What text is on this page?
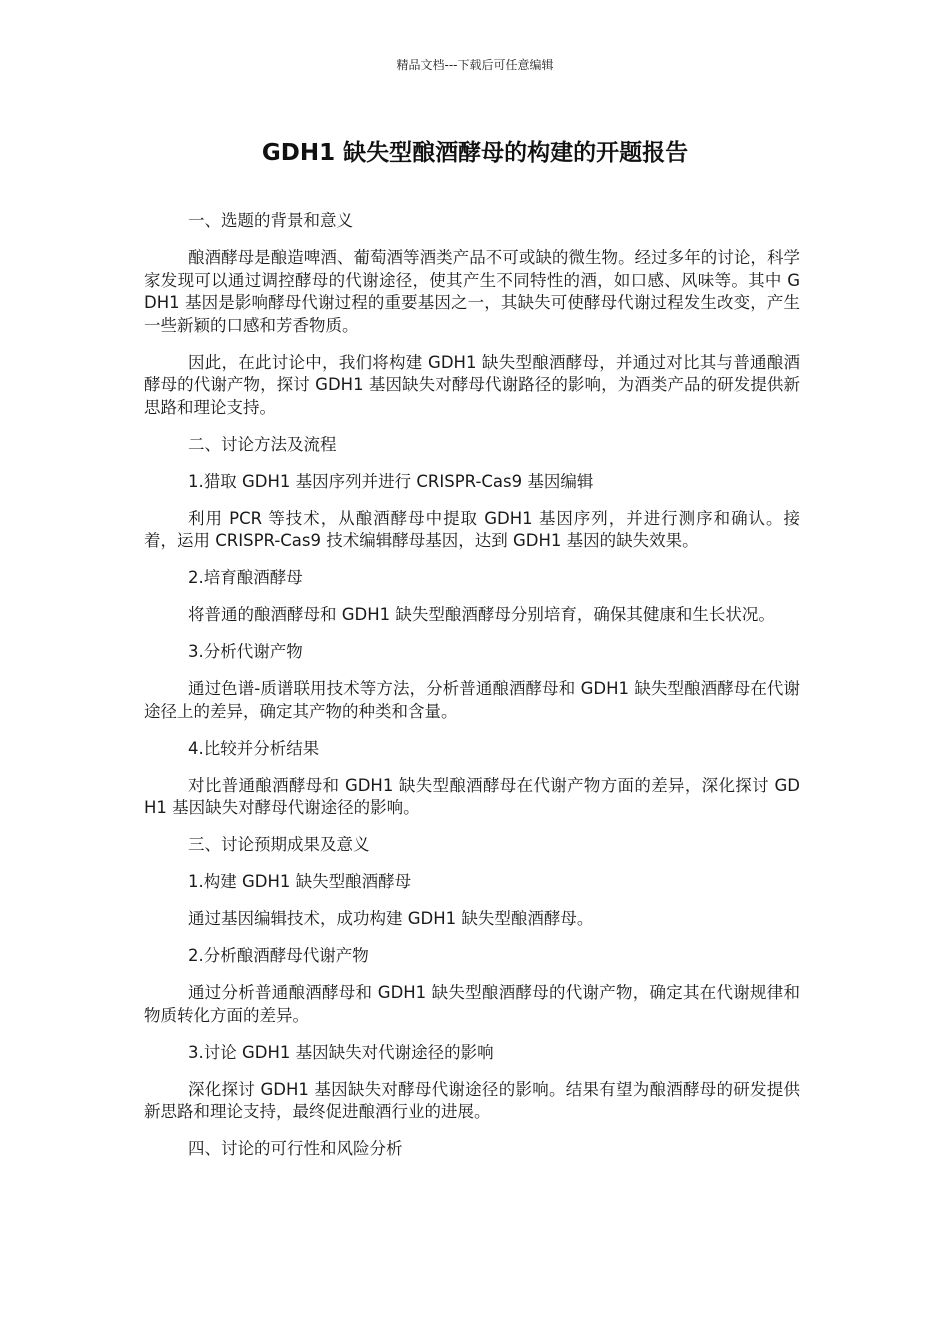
精品文档---下载后可任意编辑
GDH1 缺失型酿酒酵母的构建的开题报告

一、选题的背景和意义

酿酒酵母是酿造啤酒、葡萄酒等酒类产品不可或缺的微生物。经过多年的讨论，科学家发现可以通过调控酵母的代谢途径，使其产生不同特性的酒，如口感、风味等。其中 GDH1 基因是影响酵母代谢过程的重要基因之一，其缺失可使酵母代谢过程发生改变，产生一些新颖的口感和芳香物质。

因此，在此讨论中，我们将构建 GDH1 缺失型酿酒酵母，并通过对比其与普通酿酒酵母的代谢产物，探讨 GDH1 基因缺失对酵母代谢路径的影响，为酒类产品的研发提供新思路和理论支持。

二、讨论方法及流程

1.猎取 GDH1 基因序列并进行 CRISPR-Cas9 基因编辑

利用 PCR 等技术，从酿酒酵母中提取 GDH1 基因序列，并进行测序和确认。接着，运用 CRISPR-Cas9 技术编辑酵母基因，达到 GDH1 基因的缺失效果。

2.培育酿酒酵母

将普通的酿酒酵母和 GDH1 缺失型酿酒酵母分别培育，确保其健康和生长状况。

3.分析代谢产物

通过色谱-质谱联用技术等方法，分析普通酿酒酵母和 GDH1 缺失型酿酒酵母在代谢途径上的差异，确定其产物的种类和含量。

4.比较并分析结果

对比普通酿酒酵母和 GDH1 缺失型酿酒酵母在代谢产物方面的差异，深化探讨 GDH1 基因缺失对酵母代谢途径的影响。

三、讨论预期成果及意义

1.构建 GDH1 缺失型酿酒酵母

通过基因编辑技术，成功构建 GDH1 缺失型酿酒酵母。

2.分析酿酒酵母代谢产物

通过分析普通酿酒酵母和 GDH1 缺失型酿酒酵母的代谢产物，确定其在代谢规律和物质转化方面的差异。

3.讨论 GDH1 基因缺失对代谢途径的影响

深化探讨 GDH1 基因缺失对酵母代谢途径的影响。结果有望为酿酒酵母的研发提供新思路和理论支持，最终促进酿酒行业的进展。

四、讨论的可行性和风险分析
